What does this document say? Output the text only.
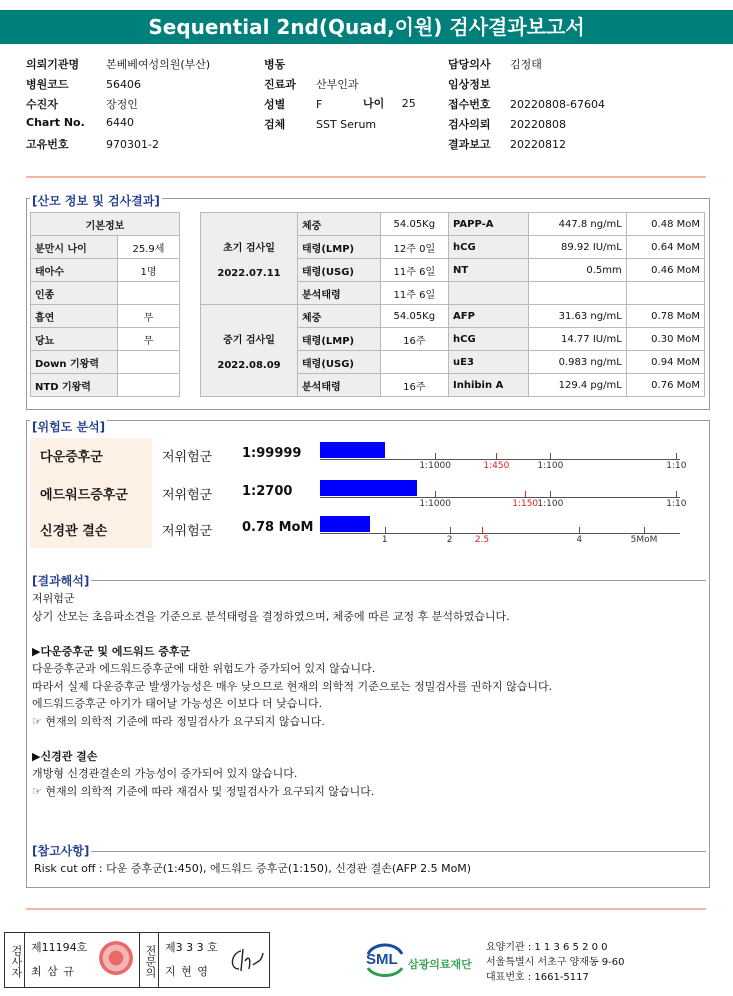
Sequential 2nd(Quad,이원) 검사결과보고서
의뢰기관명 본베베여성의원(부산)
병원코드	56406
수진자	장정인
Chart No. 6440
고유번호	970301-2
병동
진료과 산부인과
성별	F
검체	SST Serum
나이 25
담당의사 김정태
임상정보
접수번호 20220808-67604
검사의뢰 20220808
결과보고 20220812
[산모 정보 및 검사결과]
기본정보	
분만시 나이	25.9세
태아수	1명
인종	
흡연	무
당뇨	무
Down 기왕력	
NTD 기왕력	
초기 검사일
2022.07.11	체중	54.05Kg	PAPP-A	447.8 ng/mL	0.48 MoM
	태령(LMP)	12주 0일	hCG	89.92 IU/mL	0.64 MoM
	태령(USG)	11주 6일	NT	0.5mm	0.46 MoM
	분석태령	11주 6일			

중기 검사일
2022.08.09	체중	54.05Kg	AFP	31.63 ng/mL	0.78 MoM
	태령(LMP)	16주	hCG	14.77 IU/mL	0.30 MoM
	태령(USG)		uE3	0.983 ng/mL	0.94 MoM
	분석태령	16주	Inhibin A	129.4 pg/mL	0.76 MoM
[위험도 분석]
다운증후군	저위험군 1:99999
1:1000	1:450	1:100	1:10
에드워드증후군	저위험군 1:2700
1:1000	1:150 1:100	1:10
신경관 결손	저위험군 0.78 MoM
1	2 2.5	4	5MoM
[결과해석]
저위험군
상기 산모는 초음파소견을 기준으로 분석태령을 결정하였으며, 체중에 따른 교정 후 분석하였습니다.

▶다운증후군 및 에드워드 증후군
다운증후군과 에드워드증후군에 대한 위험도가 증가되어 있지 않습니다.
따라서 실제 다운증후군 발생가능성은 매우 낮으므로 현재의 의학적 기준으로는 정밀검사를 권하지 않습니다.
에드워드증후군 아기가 태어날 가능성은 이보다 더 낮습니다.
☞ 현재의 의학적 기준에 따라 정밀검사가 요구되지 않습니다.

▶신경관 결손
개방형 신경관결손의 가능성이 증가되어 있지 않습니다.
☞ 현재의 의학적 기준에 따라 재검사 및 정밀검사가 요구되지 않습니다.
[참고사항]
Risk cut off : 다운 증후군(1:450), 에드워드 증후군(1:150), 신경관 결손(AFP 2.5 MoM)
검사자 제11194호
최 삼 규	전문의 제3 3 3 호
지 현 영
SML 삼광의료재단
요양기관 : 1 1 3 6 5 2 0 0
서울특별시 서초구 양재동 9-60
대표번호 : 1661-5117
